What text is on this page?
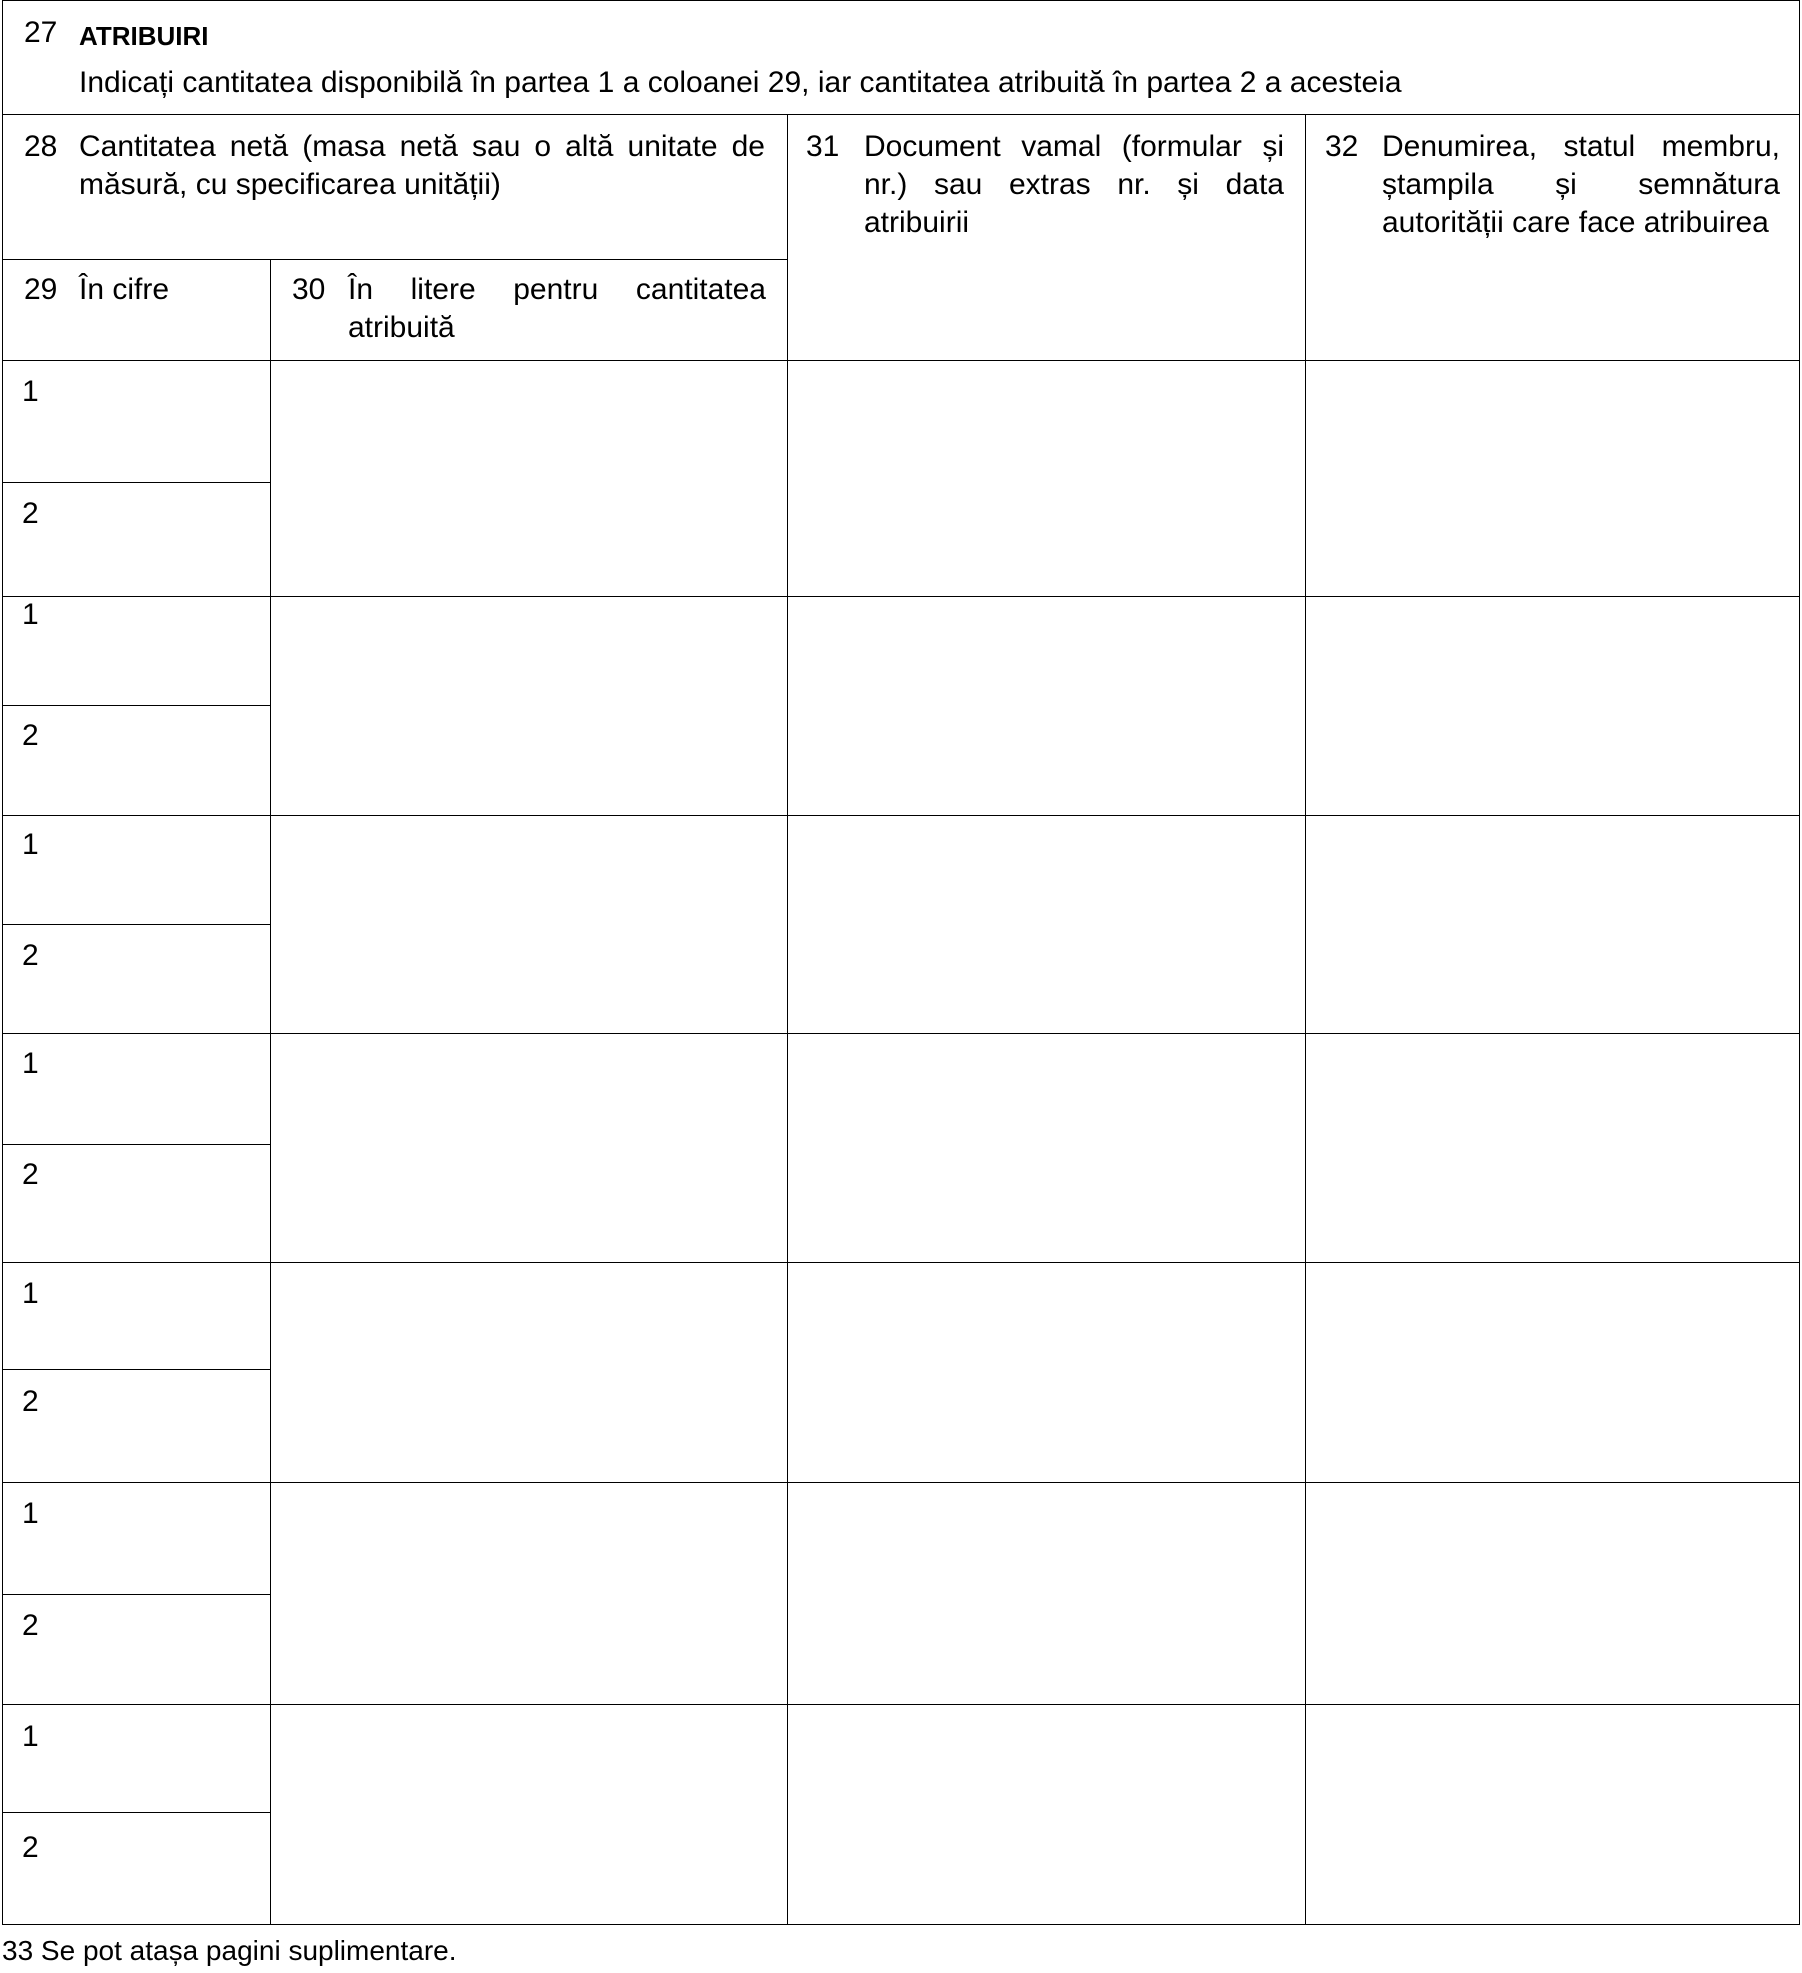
27 ATRIBUIRI
Indicați cantitatea disponibilă în partea 1 a coloanei 29, iar cantitatea atribuită în partea 2 a acesteia
28 Cantitatea netă (masa netă sau o altă unitate de măsură, cu specificarea unității)
31 Document vamal (formular și nr.) sau extras nr. și data atribuirii
32 Denumirea, statul membru, ștampila și semnătura autorității care face atribuirea
29 În cifre	30 În litere pentru cantitatea atribuită
1
2
1
2
1
2
1
2
1
2
1
2
1
2
33 Se pot atașa pagini suplimentare.
